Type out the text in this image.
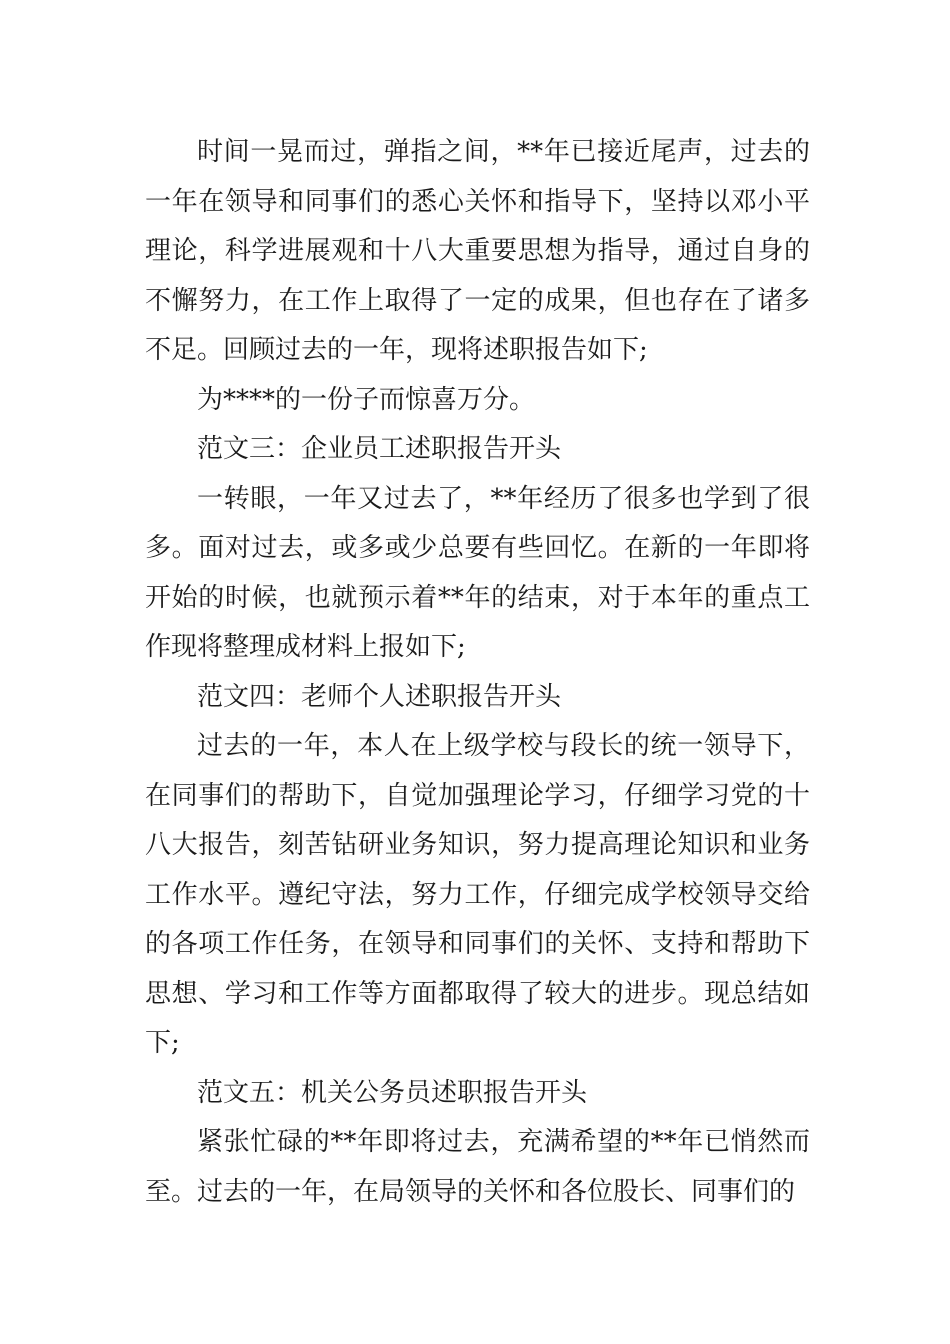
时间一晃而过，弹指之间，**年已接近尾声，过去的
一年在领导和同事们的悉心关怀和指导下，坚持以邓小平
理论，科学进展观和十八大重要思想为指导，通过自身的
不懈努力，在工作上取得了一定的成果，但也存在了诸多
不足。回顾过去的一年，现将述职报告如下;
为****的一份子而惊喜万分。
范文三：企业员工述职报告开头
一转眼，一年又过去了，**年经历了很多也学到了很
多。面对过去，或多或少总要有些回忆。在新的一年即将
开始的时候，也就预示着**年的结束，对于本年的重点工
作现将整理成材料上报如下;
范文四：老师个人述职报告开头
过去的一年，本人在上级学校与段长的统一领导下，
在同事们的帮助下，自觉加强理论学习，仔细学习党的十
八大报告，刻苦钻研业务知识，努力提高理论知识和业务
工作水平。遵纪守法，努力工作，仔细完成学校领导交给
的各项工作任务，在领导和同事们的关怀、支持和帮助下
思想、学习和工作等方面都取得了较大的进步。现总结如
下;
范文五：机关公务员述职报告开头
紧张忙碌的**年即将过去，充满希望的**年已悄然而
至。过去的一年，在局领导的关怀和各位股长、同事们的
